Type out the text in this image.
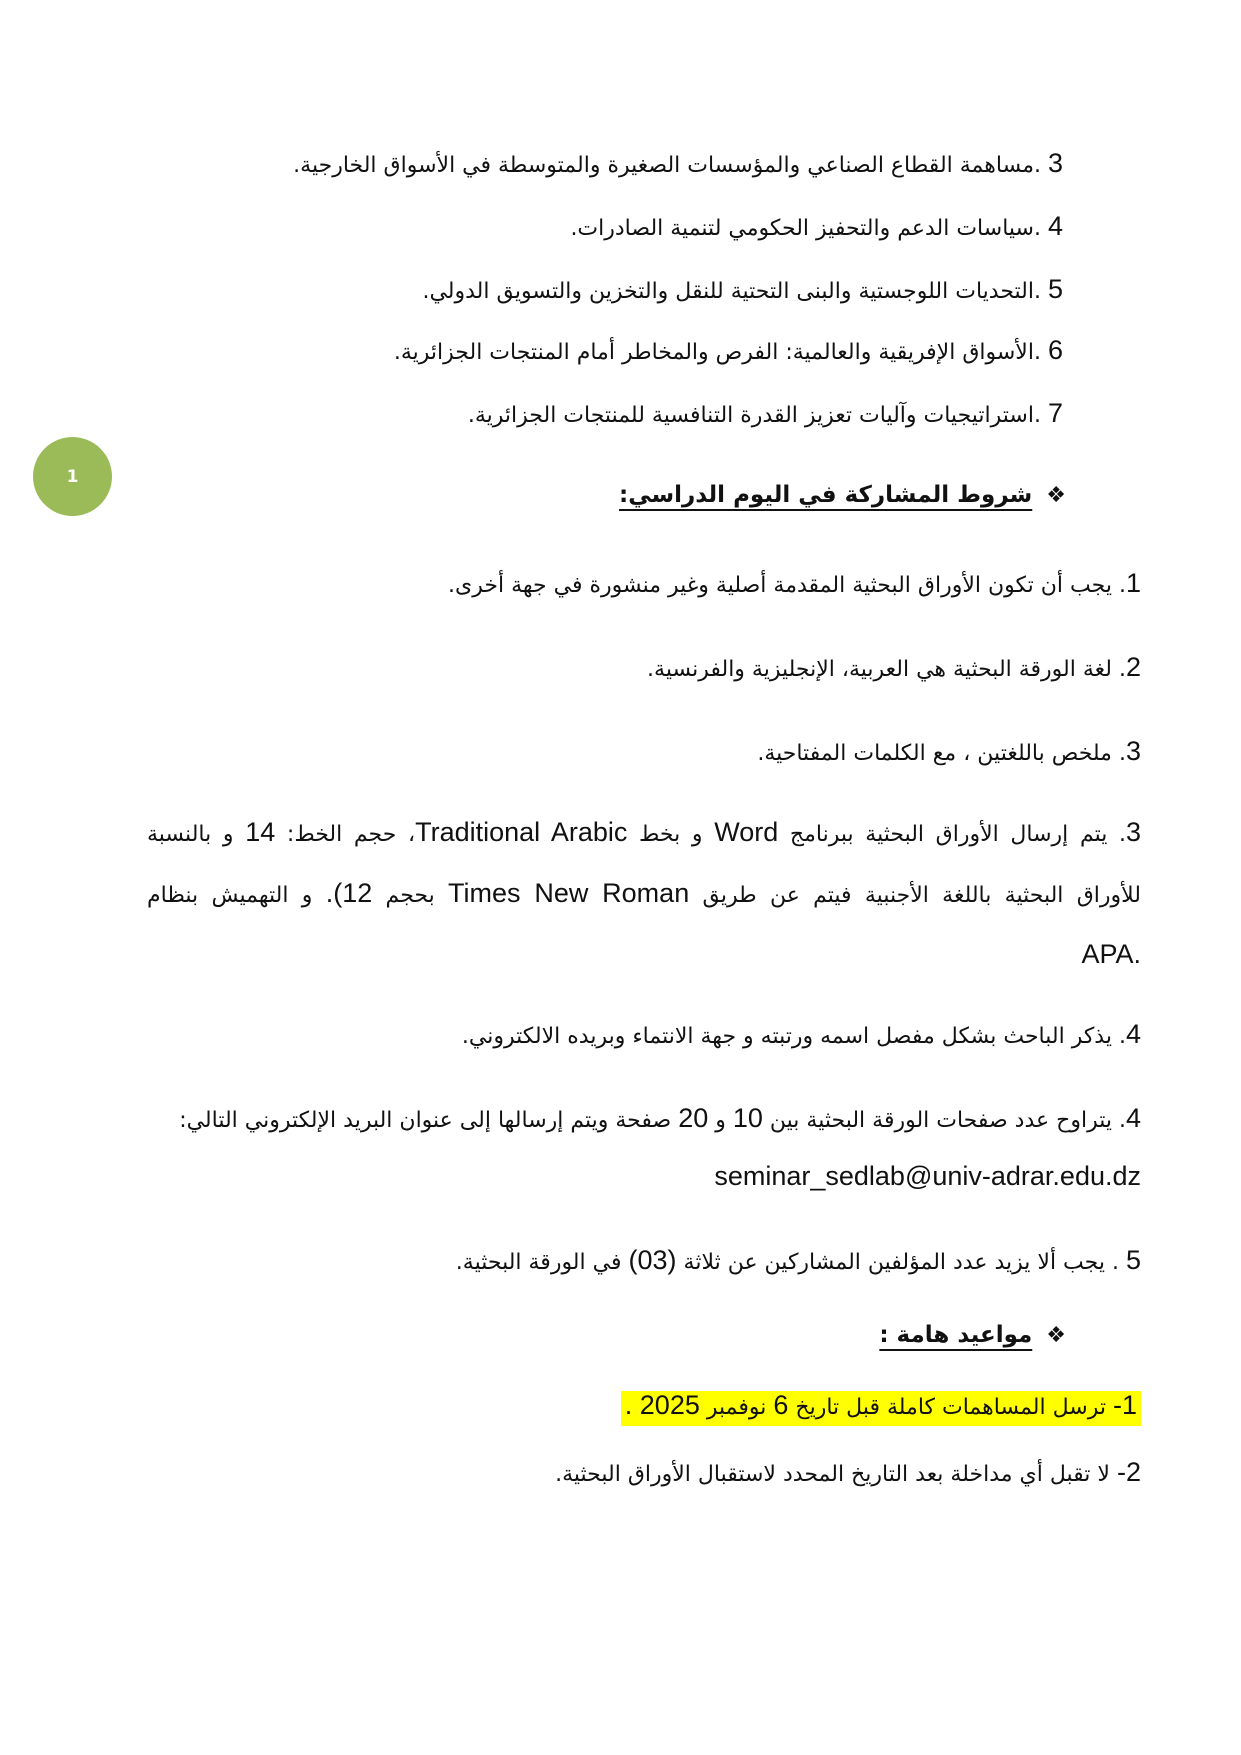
1
3 .مساهمة القطاع الصناعي والمؤسسات الصغيرة والمتوسطة في الأسواق الخارجية.
4 .سياسات الدعم والتحفيز الحكومي لتنمية الصادرات.
5 .التحديات اللوجستية والبنى التحتية للنقل والتخزين والتسويق الدولي.
6 .الأسواق الإفريقية والعالمية: الفرص والمخاطر أمام المنتجات الجزائرية.
7 .استراتيجيات وآليات تعزيز القدرة التنافسية للمنتجات الجزائرية.
❖شروط المشاركة في اليوم الدراسي:
1. يجب أن تكون الأوراق البحثية المقدمة أصلية وغير منشورة في جهة أخرى.
2. لغة الورقة البحثية هي العربية، الإنجليزية والفرنسية.
3. ملخص باللغتين ، مع الكلمات المفتاحية.
3. يتم إرسال الأوراق البحثية ببرنامج Word و بخط Traditional Arabic، حجم الخط: 14 و بالنسبة
للأوراق البحثية باللغة الأجنبية فيتم عن طريق Times New Roman بحجم 12). و التهميش بنظام
.APA
4. يذكر الباحث بشكل مفصل اسمه ورتبته و جهة الانتماء وبريده الالكتروني.
4. يتراوح عدد صفحات الورقة البحثية بين 10 و 20 صفحة ويتم إرسالها إلى عنوان البريد الإلكتروني التالي:
seminar_sedlab@univ-adrar.edu.dz
5 . يجب ألا يزيد عدد المؤلفين المشاركين عن ثلاثة (03) في الورقة البحثية.
❖مواعيد هامة :
1- ترسل المساهمات كاملة قبل تاريخ 6 نوفمبر 2025 .
2- لا تقبل أي مداخلة بعد التاريخ المحدد لاستقبال الأوراق البحثية.
